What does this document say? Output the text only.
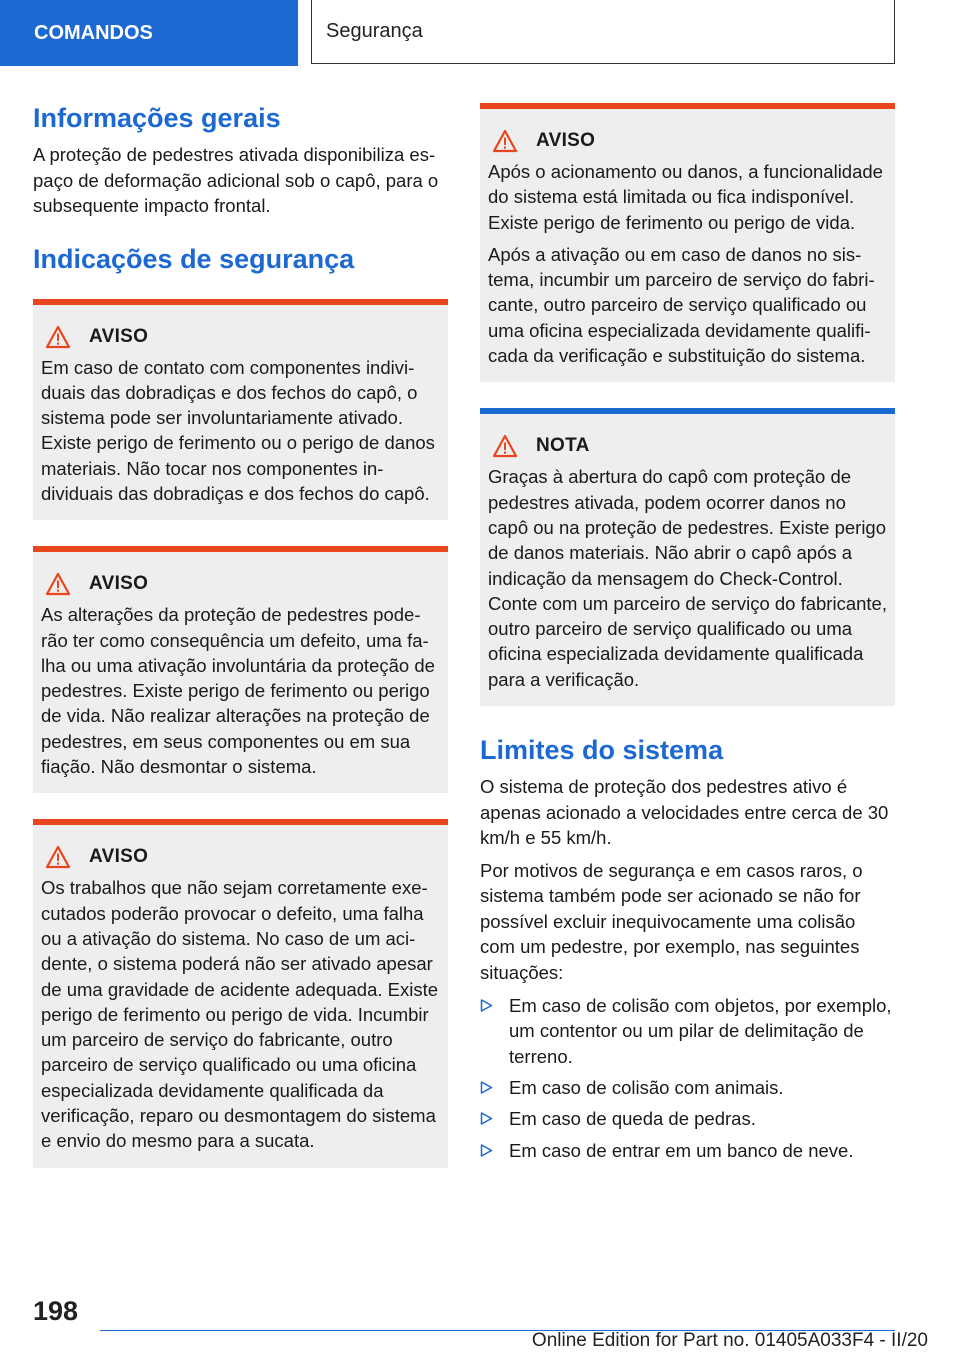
COMANDOS	Segurança
Informações gerais

A proteção de pedestres ativada disponibiliza espaço de deformação adicional sob o capô, para o subsequente impacto frontal.

Indicações de segurança
AVISO

Em caso de contato com componentes individuais das dobradiças e dos fechos do capô, o sistema pode ser involuntariamente ativado. Existe perigo de ferimento ou o perigo de danos materiais. Não tocar nos componentes individuais das dobradiças e dos fechos do capô.

AVISO

As alterações da proteção de pedestres poderão ter como consequência um defeito, uma falha ou uma ativação involuntária da proteção de pedestres. Existe perigo de ferimento ou perigo de vida. Não realizar alterações na proteção de pedestres, em seus componentes ou em sua fiação. Não desmontar o sistema.

AVISO

Os trabalhos que não sejam corretamente executados poderão provocar o defeito, uma falha ou a ativação do sistema. No caso de um acidente, o sistema poderá não ser ativado apesar de uma gravidade de acidente adequada. Existe perigo de ferimento ou perigo de vida. Incumbir um parceiro de serviço do fabricante, outro parceiro de serviço qualificado ou uma oficina especializada devidamente qualificada da verificação, reparo ou desmontagem do sistema e envio do mesmo para a sucata.

AVISO

Após o acionamento ou danos, a funcionalidade do sistema está limitada ou fica indisponível. Existe perigo de ferimento ou perigo de vida.

Após a ativação ou em caso de danos no sistema, incumbir um parceiro de serviço do fabricante, outro parceiro de serviço qualificado ou uma oficina especializada devidamente qualificada da verificação e substituição do sistema.

NOTA

Graças à abertura do capô com proteção de pedestres ativada, podem ocorrer danos no capô ou na proteção de pedestres. Existe perigo de danos materiais. Não abrir o capô após a indicação da mensagem do Check-Control. Conte com um parceiro de serviço do fabricante, outro parceiro de serviço qualificado ou uma oficina especializada devidamente qualificada para a verificação.

Limites do sistema

O sistema de proteção dos pedestres ativo é apenas acionado a velocidades entre cerca de 30 km/h e 55 km/h.

Por motivos de segurança e em casos raros, o sistema também pode ser acionado se não for possível excluir inequivocamente uma colisão com um pedestre, por exemplo, nas seguintes situações:

Em caso de colisão com objetos, por exemplo, um contentor ou um pilar de delimitação de terreno.
Em caso de colisão com animais.
Em caso de queda de pedras.
Em caso de entrar em um banco de neve.
198
Online Edition for Part no. 01405A033F4 - II/20
